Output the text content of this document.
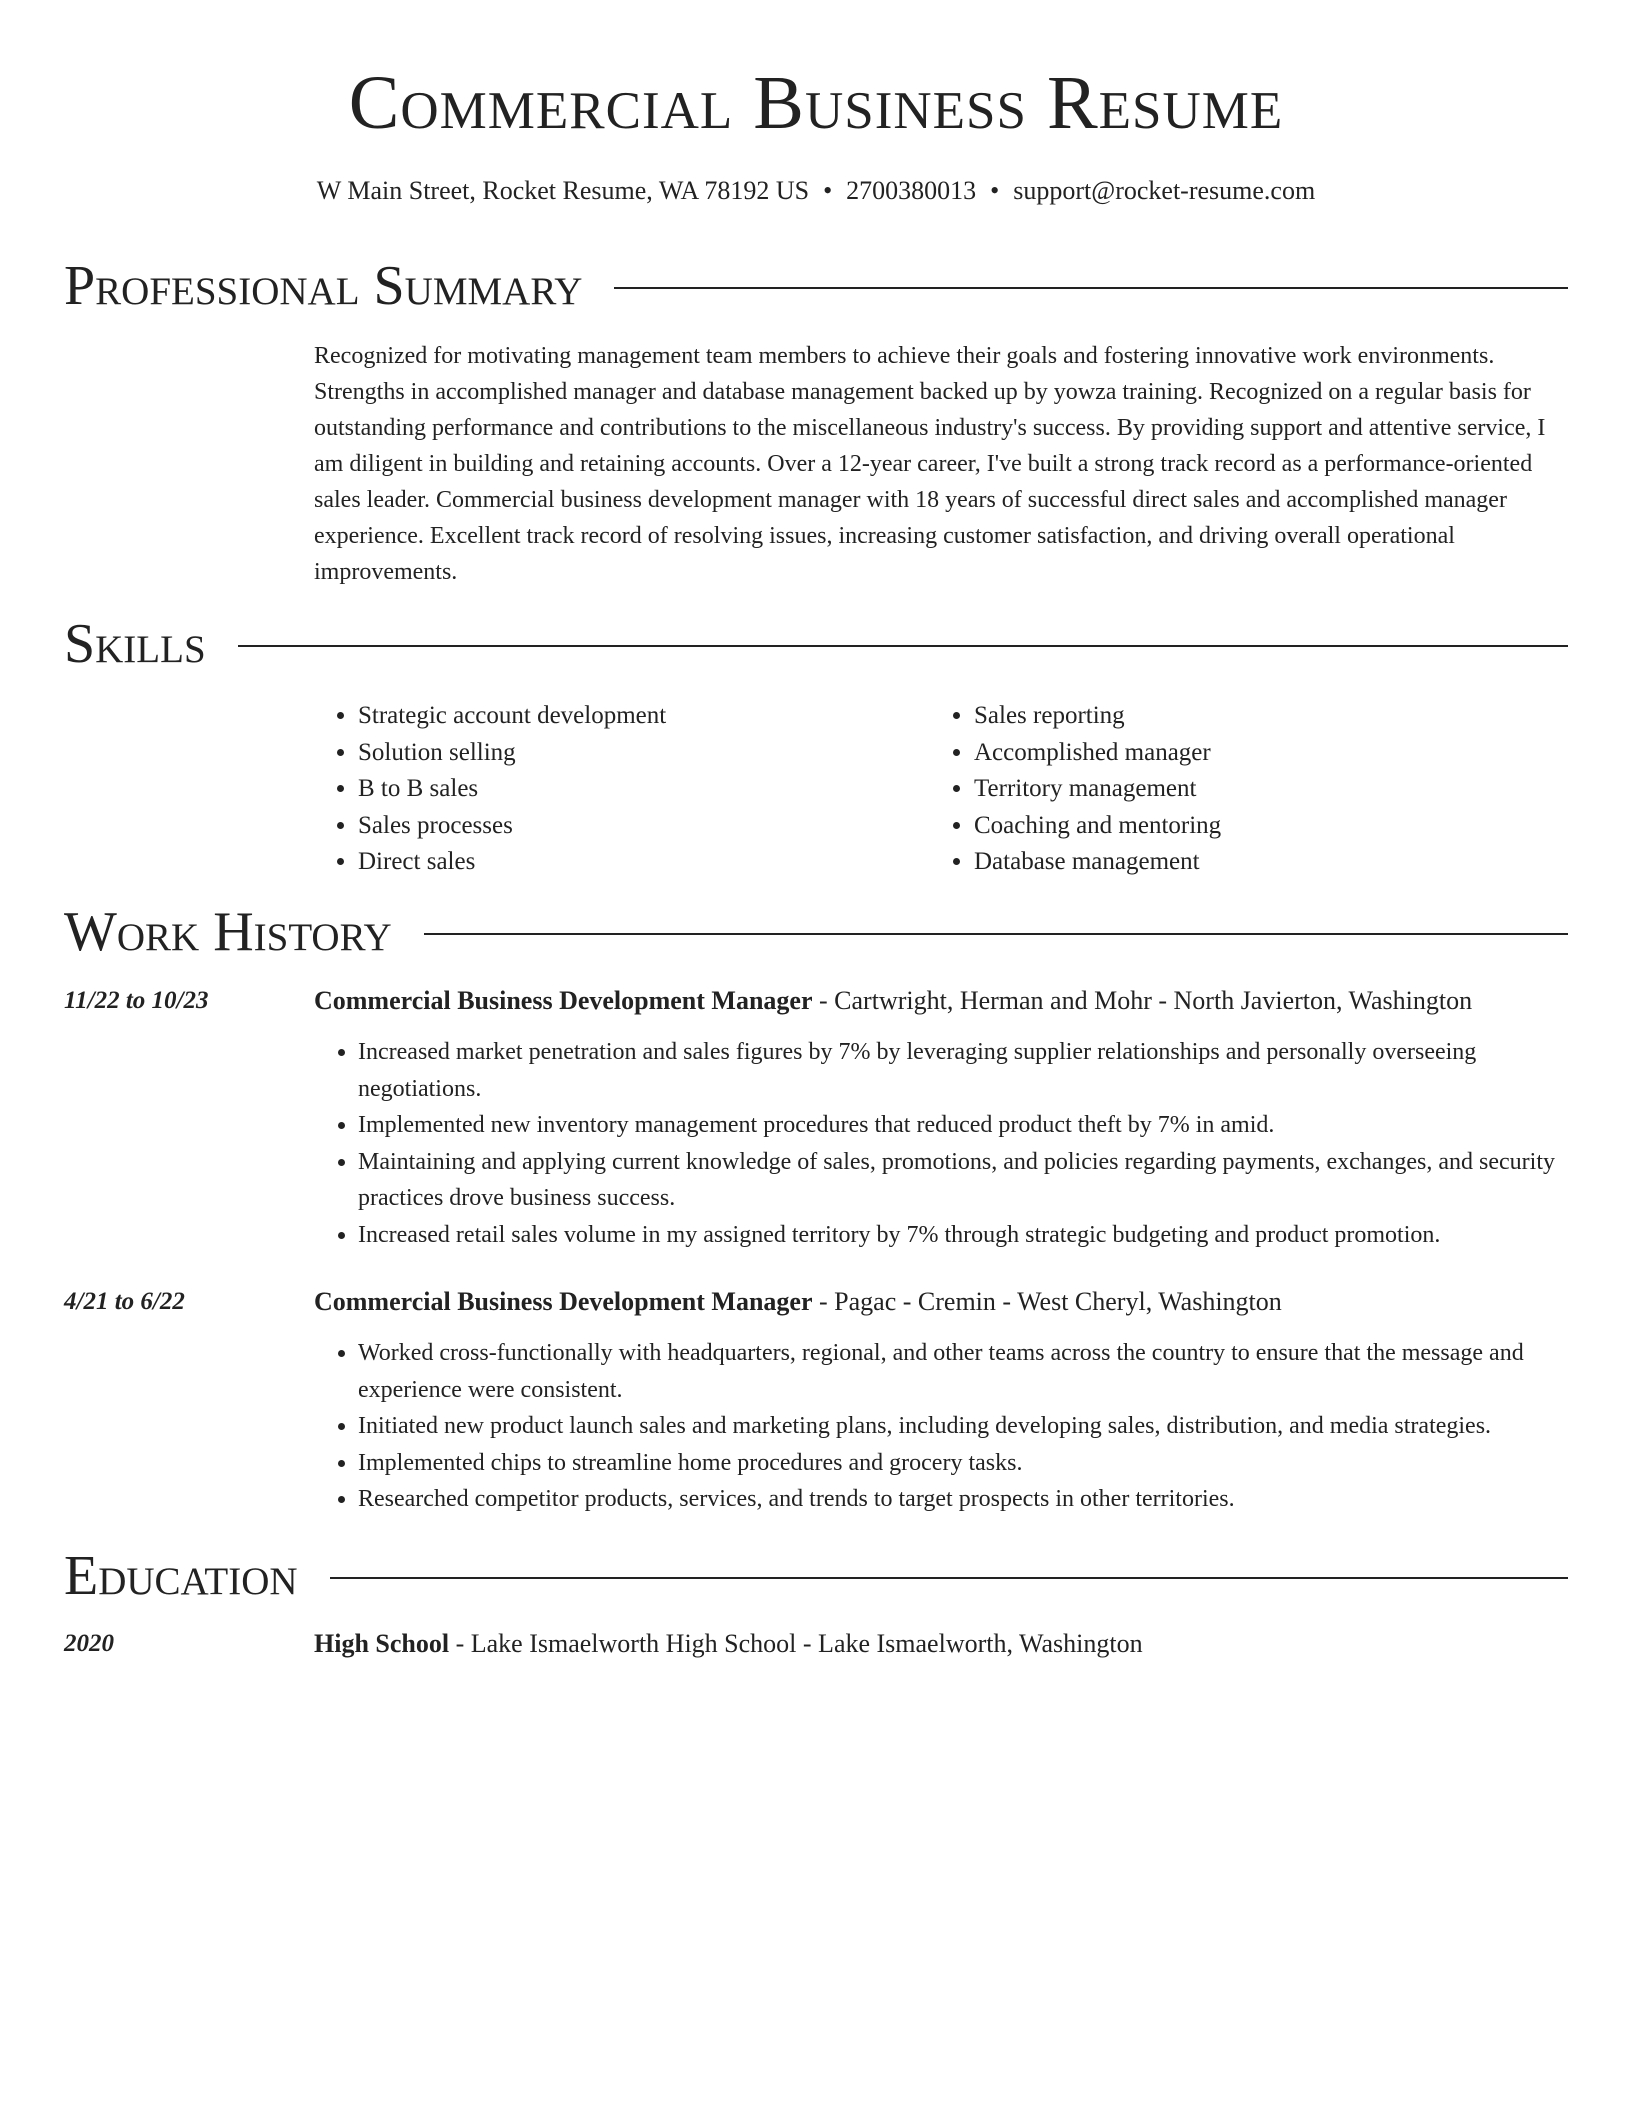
Commercial Business Resume
W Main Street, Rocket Resume, WA 78192 US • 2700380013 • support@rocket-resume.com
Professional Summary

Recognized for motivating management team members to achieve their goals and fostering innovative work environments. Strengths in accomplished manager and database management backed up by yowza training. Recognized on a regular basis for outstanding performance and contributions to the miscellaneous industry's success. By providing support and attentive service, I am diligent in building and retaining accounts. Over a 12-year career, I've built a strong track record as a performance-oriented sales leader. Commercial business development manager with 18 years of successful direct sales and accomplished manager experience. Excellent track record of resolving issues, increasing customer satisfaction, and driving overall operational improvements.

Skills
• Strategic account development
• Solution selling
• B to B sales
• Sales processes
• Direct sales
• Sales reporting
• Accomplished manager
• Territory management
• Coaching and mentoring
• Database management
Work History
11/22 to 10/23	Commercial Business Development Manager - Cartwright, Herman and Mohr - North Javierton, Washington
• Increased market penetration and sales figures by 7% by leveraging supplier relationships and personally overseeing negotiations.
• Implemented new inventory management procedures that reduced product theft by 7% in amid.
• Maintaining and applying current knowledge of sales, promotions, and policies regarding payments, exchanges, and security practices drove business success.
• Increased retail sales volume in my assigned territory by 7% through strategic budgeting and product promotion.
4/21 to 6/22	Commercial Business Development Manager - Pagac - Cremin - West Cheryl, Washington
• Worked cross-functionally with headquarters, regional, and other teams across the country to ensure that the message and experience were consistent.
• Initiated new product launch sales and marketing plans, including developing sales, distribution, and media strategies.
• Implemented chips to streamline home procedures and grocery tasks.
• Researched competitor products, services, and trends to target prospects in other territories.
Education
2020	High School - Lake Ismaelworth High School - Lake Ismaelworth, Washington
